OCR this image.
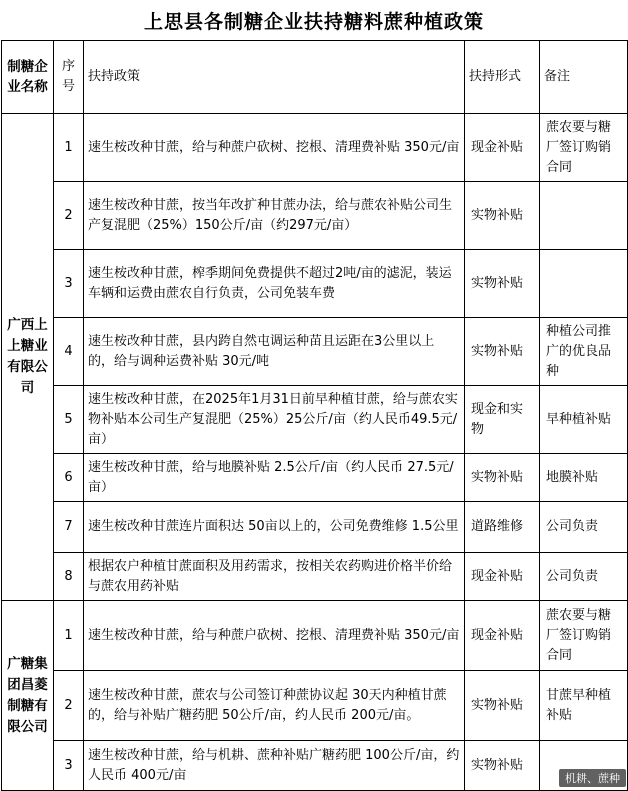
上思县各制糖企业扶持糖料蔗种植政策
制糖企业名称	序号	扶持政策	扶持形式	备注
广西上上糖业有限公司	1	速生桉改种甘蔗，给与种蔗户砍树、挖根、清理费补贴 350元/亩	现金补贴	蔗农要与糖厂签订购销合同
	2	速生桉改种甘蔗，按当年改扩种甘蔗办法，给与蔗农补贴公司生产复混肥（25%）150公斤/亩（约297元/亩）	实物补贴	
	3	速生桉改种甘蔗，榨季期间免费提供不超过2吨/亩的滤泥，装运车辆和运费由蔗农自行负责，公司免装车费	实物补贴	
	4	速生桉改种甘蔗，县内跨自然屯调运种苗且运距在3公里以上的，给与调种运费补贴 30元/吨	实物补贴	种植公司推广的优良品种
	5	速生桉改种甘蔗，在2025年1月31日前早种植甘蔗，给与蔗农实物补贴本公司生产复混肥（25%）25公斤/亩（约人民币49.5元/亩）	现金和实物	早种植补贴
	6	速生桉改种甘蔗，给与地膜补贴 2.5公斤/亩（约人民币 27.5元/亩）	实物补贴	地膜补贴
	7	速生桉改种甘蔗连片面积达 50亩以上的，公司免费维修 1.5公里	道路维修	公司负责
	8	根据农户种植甘蔗面积及用药需求，按相关农药购进价格半价给与蔗农用药补贴	现金补贴	公司负责
广糖集团昌菱制糖有限公司	1	速生桉改种甘蔗，给与种蔗户砍树、挖根、清理费补贴 350元/亩	现金补贴	蔗农要与糖厂签订购销合同
	2	速生桉改种甘蔗，蔗农与公司签订种蔗协议起 30天内种植甘蔗的，给与补贴广糖药肥 50公斤/亩，约人民币 200元/亩。	实物补贴	甘蔗早种植补贴
	3	速生桉改种甘蔗，给与机耕、蔗种补贴广糖药肥 100公斤/亩，约人民币 400元/亩	实物补贴	
机耕、蔗种
